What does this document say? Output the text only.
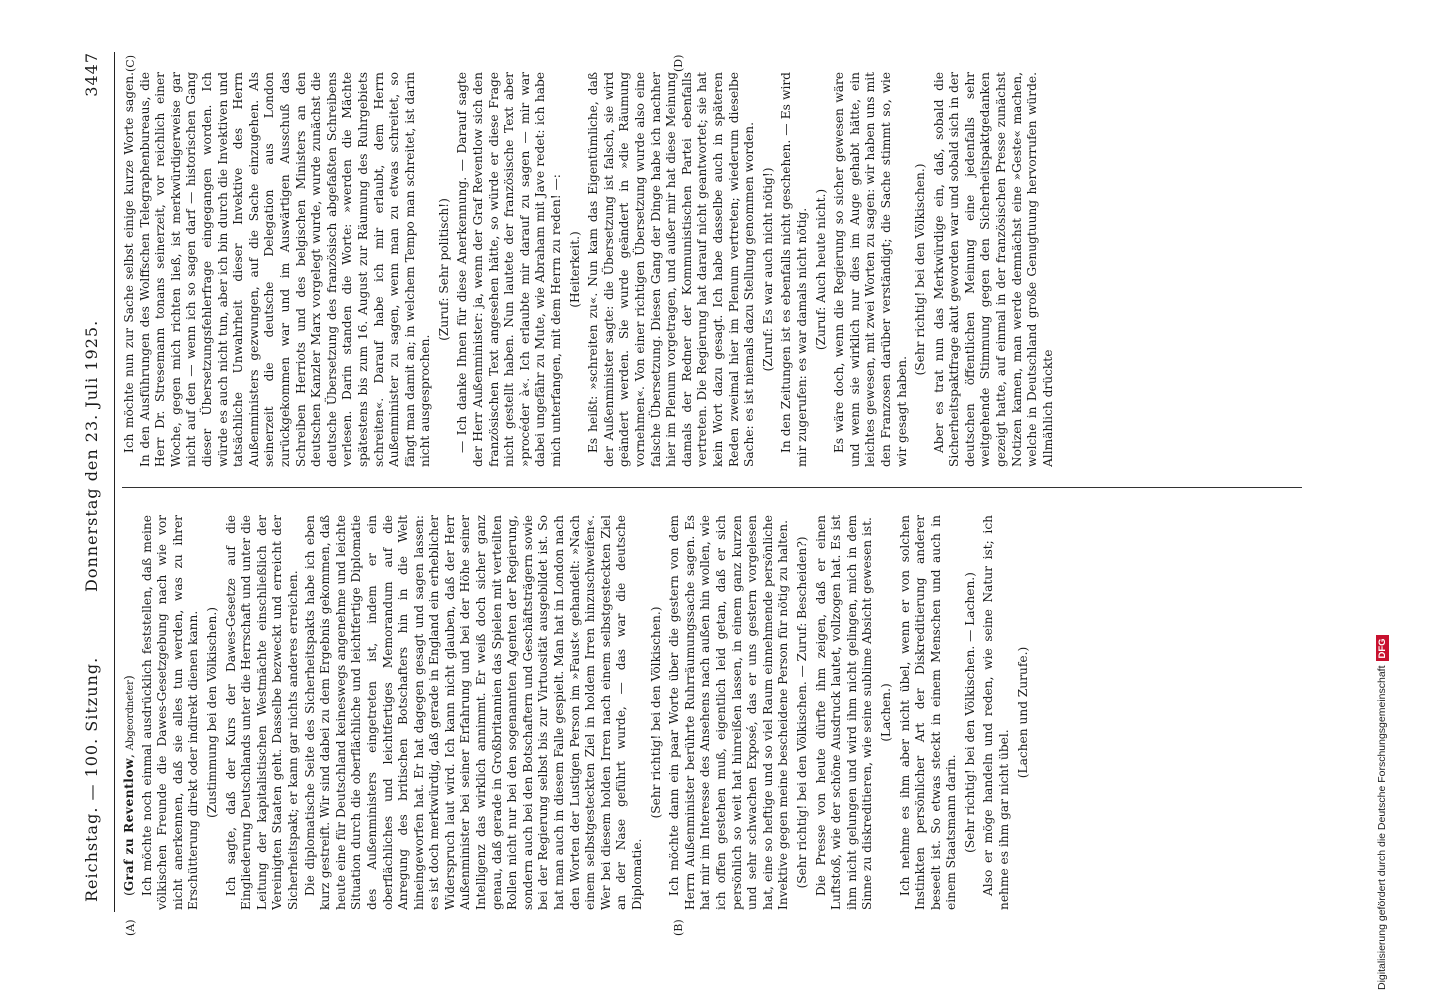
Reichstag. — 100. Sitzung.
Donnerstag den 23. Juli 1925.
3447
(A)	(B)
(C)	(D)

(Graf zu Reventlow, Abgeordneter) Ich möchte noch einmal ausdrücklich feststellen, daß meine völkischen Freunde die Dawes-Gesetzgebung nach wie vor nicht anerkennen, daß sie alles tun werden, was zu ihrer Erschütterung direkt oder indirekt dienen kann. (Zustimmung bei den Völkischen.) Ich sagte, daß der Kurs der Dawes-Gesetze auf die Eingliederung Deutschlands unter die Herrschaft und unter die Leitung der kapitalistischen Westmächte einschließlich der Vereinigten Staaten geht. Dasselbe bezweckt und erreicht der Sicherheitspakt; er kann gar nichts anderes erreichen. Die diplomatische Seite des Sicherheitspakts habe ich eben kurz gestreift. Wir sind dabei zu dem Ergebnis gekommen, daß heute eine für Deutschland keineswegs angenehme und leichte Situation durch die oberflächliche und leichtfertige Diplomatie des Außenministers eingetreten ist, indem er ein oberflächliches und leichtfertiges Memorandum auf die Anregung des britischen Botschafters hin in die Welt hineingeworfen hat. Er hat dagegen gesagt und sagen lassen: es ist doch merkwürdig, daß gerade in England ein erheblicher Widerspruch laut wird. Ich kann nicht glauben, daß der Herr Außenminister bei seiner Erfahrung und bei der Höhe seiner Intelligenz das wirklich annimmt. Er weiß doch sicher ganz genau, daß gerade in Großbritannien das Spielen mit verteilten Rollen nicht nur bei den sogenannten Agenten der Regierung, sondern auch bei den Botschaftern und Geschäftsträgern sowie bei der Regierung selbst bis zur Virtuosität ausgebildet ist. So hat man auch in diesem Falle gespielt. Man hat in London nach den Worten der Lustigen Person im »Faust« gehandelt: »Nach einem selbstgesteckten Ziel in holdem Irren hinzuschweifen«. Wer bei diesem holden Irren nach einem selbstgesteckten Ziel an der Nase geführt wurde, — das war die deutsche Diplomatie.

(Sehr richtig! bei den Völkischen.) Ich möchte dann ein paar Worte über die gestern von dem Herrn Außenminister berührte Ruhrräumungssache sagen. Es hat mir im Interesse des Ansehens nach außen hin wollen, wie ich offen gestehen muß, eigentlich leid getan, daß er sich persönlich so weit hat hinreißen lassen, in einem ganz kurzen und sehr schwachen Exposé, das er uns gestern vorgelesen hat, eine so heftige und so viel Raum einnehmende persönliche Invektive gegen meine bescheidene Person für nötig zu halten. (Sehr richtig! bei den Völkischen. — Zuruf: Bescheiden?) Die Presse von heute dürfte ihm zeigen, daß er einen Luftstoß, wie der schöne Ausdruck lautet, vollzogen hat. Es ist ihm nicht gelungen und wird ihm nicht gelingen, mich in dem Sinne zu diskreditieren, wie seine sublime Absicht gewesen ist. (Lachen.) Ich nehme es ihm aber nicht übel, wenn er von solchen Instinkten persönlicher Art der Diskreditierung anderer beseelt ist. So etwas steckt in einem Menschen und auch in einem Staatsmann darin. (Sehr richtig! bei den Völkischen. — Lachen.) Also er möge handeln und reden, wie seine Natur ist; ich nehme es ihm gar nicht übel.

(Lachen und Zurufe.)

Ich möchte nun zur Sache selbst einige kurze Worte sagen. In den Ausführungen des Wolffschen Telegraphenbureaus, die Herr Dr. Stresemann tonans seinerzeit, vor reichlich einer Woche, gegen mich richten ließ, ist merkwürdigerweise gar nicht auf den — wenn ich so sagen darf — historischen Gang dieser Übersetzungsfehlerfrage eingegangen worden. Ich würde es auch nicht tun, aber ich bin durch die Invektiven und tatsächliche Unwahrheit dieser Invektive des Herrn Außenministers gezwungen, auf die Sache einzugehen. Als seinerzeit die deutsche Delegation aus London zurückgekommen war und im Auswärtigen Ausschuß das Schreiben Herriots und des belgischen Ministers an den deutschen Kanzler Marx vorgelegt wurde, wurde zunächst die deutsche Übersetzung des französisch abgefaßten Schreibens verlesen. Darin standen die Worte: »werden die Mächte spätestens bis zum 16. August zur Räumung des Ruhrgebiets schreiten«. Darauf habe ich mir erlaubt, dem Herrn Außenminister zu sagen, wenn man zu etwas schreitet, so fängt man damit an; in welchem Tempo man schreitet, ist darin nicht ausgesprochen.

(Zuruf: Sehr politisch!) — Ich danke Ihnen für diese Anerkennung. — Darauf sagte der Herr Außenminister: ja, wenn der Graf Reventlow sich den französischen Text angesehen hätte, so würde er diese Frage nicht gestellt haben. Nun lautete der französische Text aber »procéder à«. Ich erlaubte mir darauf zu sagen — mir war dabei ungefähr zu Mute, wie Abraham mit Jave redet: ich habe mich unterfangen, mit dem Herrn zu reden! —: (Heiterkeit.) Es heißt: »schreiten zu«. Nun kam das Eigentümliche, daß der Außenminister sagte: die Übersetzung ist falsch, sie wird geändert werden. Sie wurde geändert in »die Räumung vornehmen«. Von einer richtigen Übersetzung wurde also eine falsche Übersetzung. Diesen Gang der Dinge habe ich nachher hier im Plenum vorgetragen, und außer mir hat diese Meinung damals der Redner der Kommunistischen Partei ebenfalls vertreten. Die Regierung hat darauf nicht geantwortet; sie hat kein Wort dazu gesagt. Ich habe dasselbe auch in späteren Reden zweimal hier im Plenum vertreten; wiederum dieselbe Sache: es ist niemals dazu Stellung genommen worden. (Zuruf: Es war auch nicht nötig!) In den Zeitungen ist es ebenfalls nicht geschehen. — Es wird mir zugerufen: es war damals nicht nötig. (Zuruf: Auch heute nicht.) Es wäre doch, wenn die Regierung so sicher gewesen wäre und wenn sie wirklich nur dies im Auge gehabt hätte, ein leichtes gewesen, mit zwei Worten zu sagen: wir haben uns mit den Franzosen darüber verständigt; die Sache stimmt so, wie wir gesagt haben.

(Sehr richtig! bei den Völkischen.) Aber es trat nun das Merkwürdige ein, daß, sobald die Sicherheitspaktfrage akut geworden war und sobald sich in der deutschen öffentlichen Meinung eine jedenfalls sehr weitgehende Stimmung gegen den Sicherheitspaktgedanken gezeigt hatte, auf einmal in der französischen Presse zunächst Notizen kamen, man werde demnächst eine »Geste« machen, welche in Deutschland große Genugtuung hervorrufen würde. Allmählich drückte

Digitalisierung gefördert durch die Deutsche ForschungsgemeinschaftDFG
